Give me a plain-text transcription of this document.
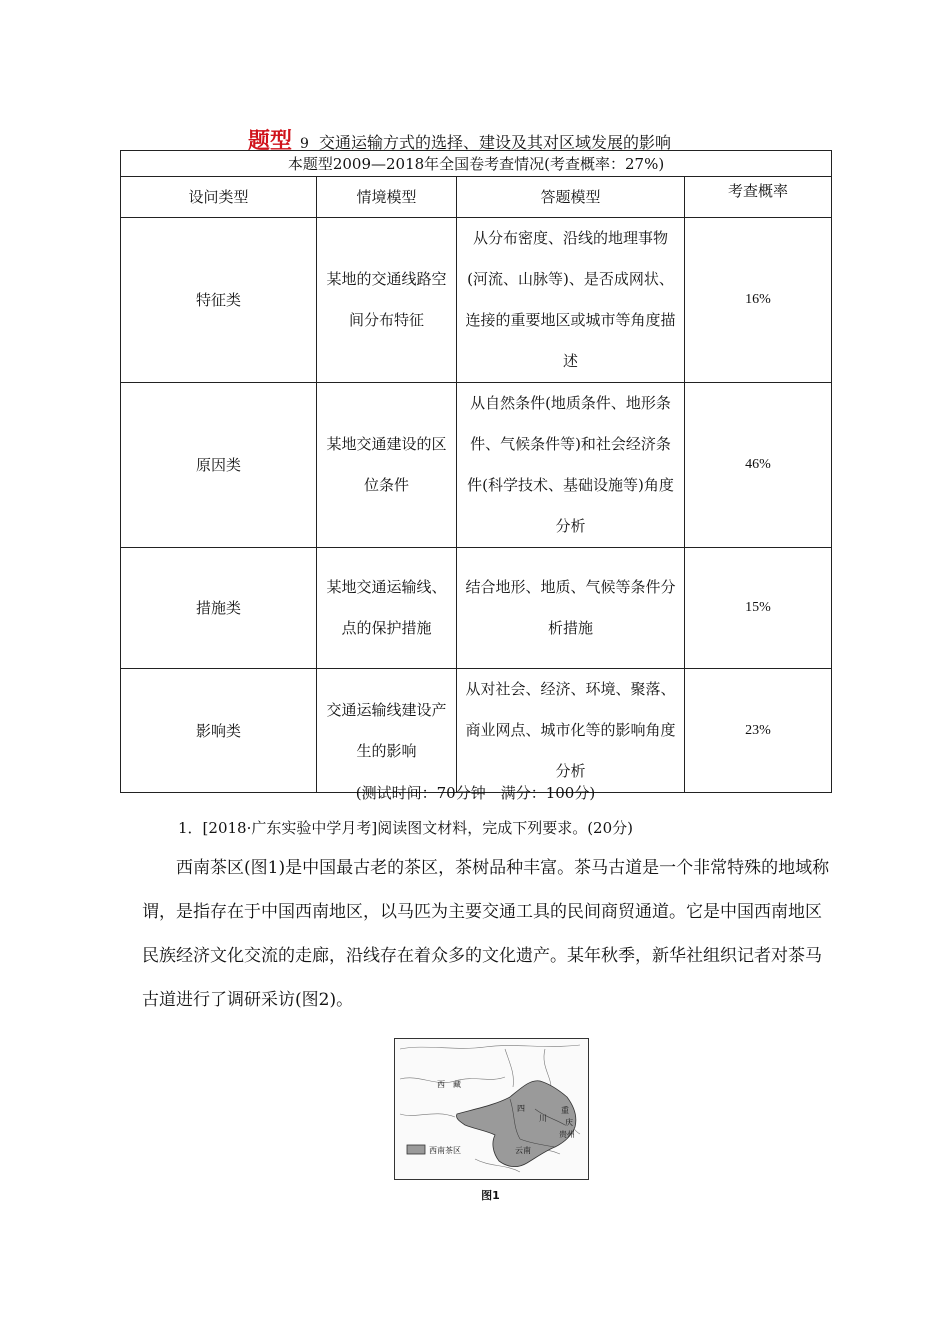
题型 9 交通运输方式的选择、建设及其对区域发展的影响
本题型2009—2018年全国卷考查情况(考查概率：27%)			
设问类型	情境模型	答题模型	考查概率
特征类	某地的交通线路空间分布特征	从分布密度、沿线的地理事物(河流、山脉等)、是否成网状、连接的重要地区或城市等角度描述	16%
原因类	某地交通建设的区位条件	从自然条件(地质条件、地形条件、气候条件等)和社会经济条件(科学技术、基础设施等)角度分析	46%
措施类	某地交通运输线、点的保护措施	结合地形、地质、气候等条件分析措施	15%
影响类	交通运输线建设产生的影响	从对社会、经济、环境、聚落、商业网点、城市化等的影响角度分析	23%
(测试时间：70分钟　满分：100分)
1．[2018·广东实验中学月考]阅读图文材料，完成下列要求。(20分)

西南茶区(图1)是中国最古老的茶区，茶树品种丰富。茶马古道是一个非常特殊的地域称谓，是指存在于中国西南地区，以马匹为主要交通工具的民间商贸通道。它是中国西南地区民族经济文化交流的走廊，沿线存在着众多的文化遗产。某年秋季，新华社组织记者对茶马古道进行了调研采访(图2)。

西　藏
四
川
重
庆
贵州
云南
西南茶区
图1
